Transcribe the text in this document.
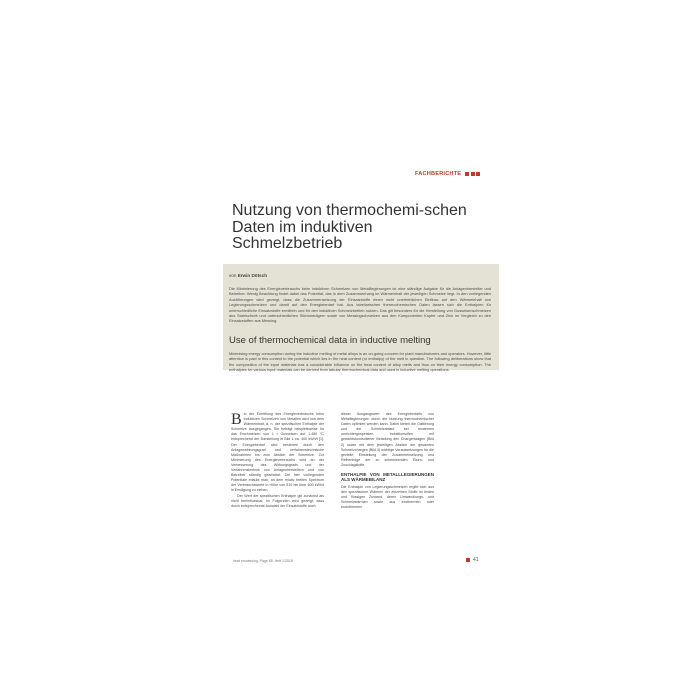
FACHBERICHTE
Nutzung von thermochemi-schen Daten im induktiven Schmelzbetrieb
von Erwin Dötsch

Die Minimierung des Energieverbrauchs beim induktiven Schmelzen von Metalllegierungen ist eine ständige Aufgabe für die Anlagenhersteller und Betreiber. Wenig Beachtung findet dabei das Potential, das in dem Zusammenhang im Wärmeinhalt der jeweiligen Schmelze liegt. In den vorliegenden Ausführungen wird gezeigt, dass die Zusammensetzung der Einsatzstoffe einen nicht unerheblichen Einfluss auf den Wärmeinhalt von Legierungsschmelzen und damit auf den Energiebedarf hat. Aus tabellarischen thermochemischen Daten lassen sich die Enthalpien für unterschiedliche Einsatzstoffe ermitteln und für den induktiven Schmelzbetrieb nutzen. Das gilt besonders für die Herstellung von Gusseisenschmelzen aus Stahlschrott und unterschiedlichen Siliziumträgern sowie von Messingschmelzen aus den Komponenten Kupfer und Zink im Vergleich zu den Einsatzstoffen aus Messing.

Use of thermochemical data in inductive melting

Minimising energy consumption during the inductive melting of metal alloys is an on-going concern for plant manufacturers and operators. However, little attention is paid in this context to the potential which lies in the heat content (or enthalpy) of the melt in question. The following deliberations show that the composition of the input materials has a considerable influence on the heat content of alloy melts and thus on their energy consumption. The enthalpies for various input materials can be derived from tabular thermochemical data and used in inductive melting operations.

Bei der Ermittlung des Energieverbrauchs beim induktiven Schmelzen von Metallen wird von dem Wärmeinhalt, d. h. der spezifischen Enthalpie der Schmelze ausgegangen. Sie beträgt beispielsweise für das Erschmelzen von 1 t Gusseisen auf 1.480 °C entsprechend der Darstellung in Bild 1 ca. 400 kWh/t [1]. Der Energiebedarf wird bestimmt durch den Anlagenwirkungsgrad und verfahrenstechnische Maßnahmen bis zum Abstich der Schmelze. Zur Minimierung des Energieverbrauchs wird an der Verbesserung des Wirkungsgrads und der Verfahrenstechnik von Anlagenherstellern und von Betreiber ständig gearbeitet. Die hier vorliegenden Potentiale erlaubt man, an dem relativ breiten Spektrum der Verbrauchswerte in Höhe von 510 bis über 600 kWh/t in Erwägung zu ziehen.

Der Wert der spezifischen Enthalpie gilt zunächst als nicht beeinflussbar. Im Folgenden wird gezeigt, dass durch entsprechende Auswahl der Einsatzstoffe auch

dieser Ausgangswert des Energiebedarfs von Metalllegierungen durch die Nutzung thermochemischer Daten optimiert werden kann. Dabei bieten die Gattierung und der Schmelzablauf bei modernen umrichtergespeisten Induktionsöfen mit gewichtskontrollierter Beladung den Chargenwagen (Bild 2) sowie mit dem jeweiligen Abstich der gesamten Schmelzchargen (Bild 3) wichtige Voraussetzungen für die gezielte Einstellung der Zusammensetzung und Reihenfolge der zu schmelzenden Eisen- und Zuschlagstoffe.

ENTHALPIE VON METALLLEGIERUNGEN ALS WÄRMEBILANZ

Die Enthalpie von Legierungsschmelzen ergibt sich aus den spezifischen Wärmen der einzelnen Stoffe im festen und flüssigen Zustand, deren Umwandlungs- und Schmelzwärmen sowie aus exothermen oder endothermen

heat processing, Page 88, Heft 1/2018	41
